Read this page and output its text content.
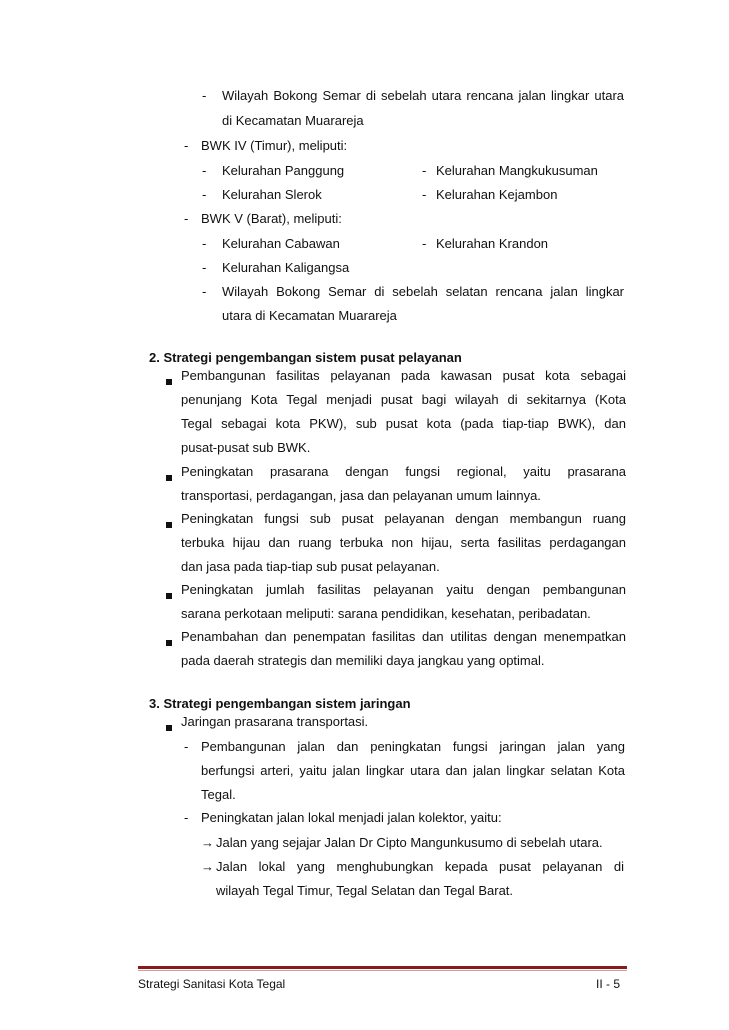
- Wilayah Bokong Semar di sebelah utara rencana jalan lingkar utara
di Kecamatan Muarareja
- BWK IV (Timur), meliputi:
- Kelurahan Panggung	- Kelurahan Mangkukusuman
- Kelurahan Slerok	- Kelurahan Kejambon
- BWK V (Barat), meliputi:
- Kelurahan Cabawan	- Kelurahan Krandon
- Kelurahan Kaligangsa
- Wilayah Bokong Semar di sebelah selatan rencana jalan lingkar
utara di Kecamatan Muarareja
2. Strategi pengembangan sistem pusat pelayanan
Pembangunan fasilitas pelayanan pada kawasan pusat kota sebagai
penunjang Kota Tegal menjadi pusat bagi wilayah di sekitarnya (Kota
Tegal sebagai kota PKW), sub pusat kota (pada tiap-tiap BWK), dan
pusat-pusat sub BWK.
Peningkatan prasarana dengan fungsi regional, yaitu prasarana
transportasi, perdagangan, jasa dan pelayanan umum lainnya.
Peningkatan fungsi sub pusat pelayanan dengan membangun ruang
terbuka hijau dan ruang terbuka non hijau, serta fasilitas perdagangan
dan jasa pada tiap-tiap sub pusat pelayanan.
Peningkatan jumlah fasilitas pelayanan yaitu dengan pembangunan
sarana perkotaan meliputi: sarana pendidikan, kesehatan, peribadatan.
Penambahan dan penempatan fasilitas dan utilitas dengan menempatkan
pada daerah strategis dan memiliki daya jangkau yang optimal.
3. Strategi pengembangan sistem jaringan
Jaringan prasarana transportasi.
- Pembangunan jalan dan peningkatan fungsi jaringan jalan yang
berfungsi arteri, yaitu jalan lingkar utara dan jalan lingkar selatan Kota
Tegal.
- Peningkatan jalan lokal menjadi jalan kolektor, yaitu:
→ Jalan yang sejajar Jalan Dr Cipto Mangunkusumo di sebelah utara.
→ Jalan lokal yang menghubungkan kepada pusat pelayanan di
wilayah Tegal Timur, Tegal Selatan dan Tegal Barat.
Strategi Sanitasi Kota Tegal	II - 5
